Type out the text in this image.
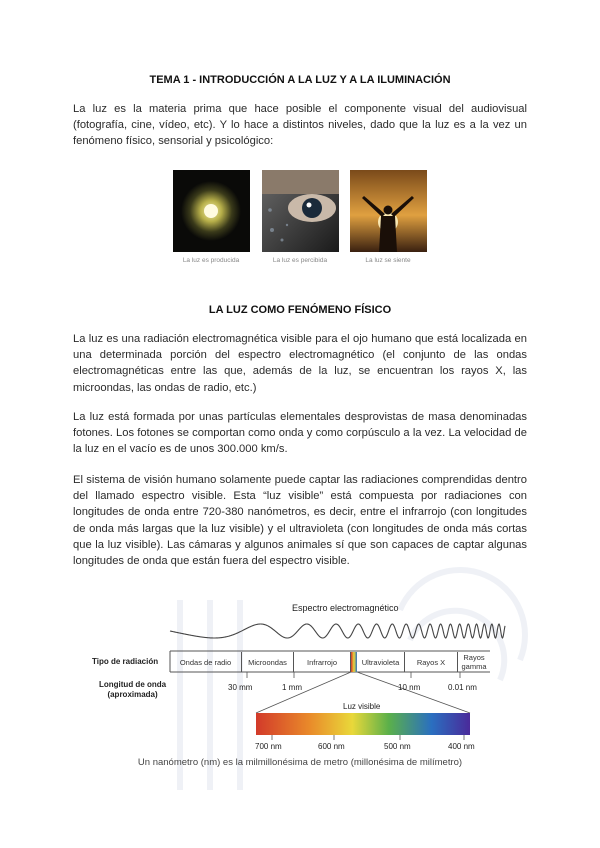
TEMA 1 - INTRODUCCIÓN A LA LUZ Y A LA ILUMINACIÓN

La luz es la materia prima que hace posible el componente visual del audiovisual (fotografía, cine, vídeo, etc). Y lo hace a distintos niveles, dado que la luz es a la vez un fenómeno físico, sensorial y psicológico:

La luz es producida	La luz es percibida	La luz se siente
LA LUZ COMO FENÓMENO FÍSICO

La luz es una radiación electromagnética visible para el ojo humano que está localizada en una determinada porción del espectro electromagnético (el conjunto de las ondas electromagnéticas entre las que, además de la luz, se encuentran los rayos X, las microondas, las ondas de radio, etc.)

La luz está formada por unas partículas elementales desprovistas de masa denominadas fotones. Los fotones se comportan como onda y como corpúsculo a la vez. La velocidad de la luz en el vacío es de unos 300.000 km/s.

El sistema de visión humano solamente puede captar las radiaciones comprendidas dentro del llamado espectro visible. Esta “luz visible” está compuesta por radiaciones con longitudes de onda entre 720-380 nanómetros, es decir, entre el infrarrojo (con longitudes de onda más largas que la luz visible) y el ultravioleta (con longitudes de onda más cortas que la luz visible). Las cámaras y algunos animales sí que son capaces de captar algunas longitudes de onda que están fuera del espectro visible.

Espectro electromagnético
Tipo de radiación
Longitud de onda
(aproximada)
Ondas de radio	Microondas	Infrarrojo	Ultravioleta	Rayos X	Rayos gamma
30 mm	1 mm	10 nm	0.01 nm
Luz visible
700 nm	600 nm	500 nm	400 nm
Un nanómetro (nm) es la milmillonésima de metro (millonésima de milímetro)
